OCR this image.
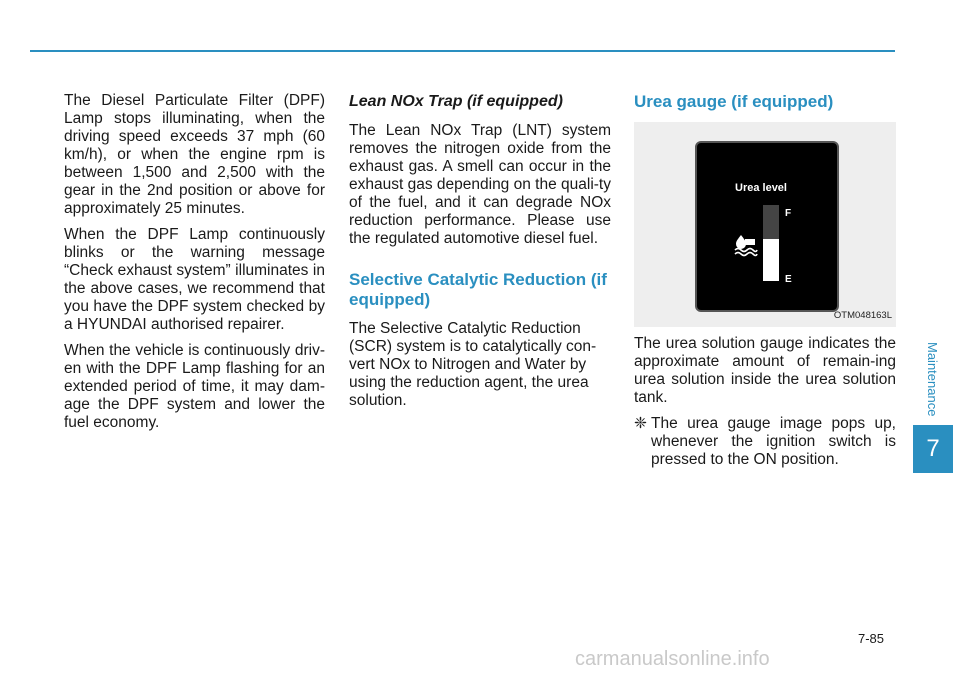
The Diesel Particulate Filter (DPF) Lamp stops illuminating, when the driving speed exceeds 37 mph (60 km/h), or when the engine rpm is between 1,500 and 2,500 with the gear in the 2nd position or above for approximately 25 minutes.

When the DPF Lamp continuously blinks or the warning message “Check exhaust system” illuminates in the above cases, we recommend that you have the DPF system checked by a HYUNDAI authorised repairer.

When the vehicle is continuously driv-en with the DPF Lamp flashing for an extended period of time, it may dam-age the DPF system and lower the fuel economy.

Lean NOx Trap (if equipped)

The Lean NOx Trap (LNT) system removes the nitrogen oxide from the exhaust gas. A smell can occur in the exhaust gas depending on the quali-ty of the fuel, and it can degrade NOx reduction performance. Please use the regulated automotive diesel fuel.

Selective Catalytic Reduction (if equipped)

The Selective Catalytic Reduction (SCR) system is to catalytically con-vert NOx to Nitrogen and Water by using the reduction agent, the urea solution.

Urea gauge (if equipped)
Urea level
F
E
OTM048163L

The urea solution gauge indicates the approximate amount of remain-ing urea solution inside the urea solution tank.

❈ The urea gauge image pops up, whenever the ignition switch is pressed to the ON position.
Maintenance
7
7-85
carmanualsonline.info
